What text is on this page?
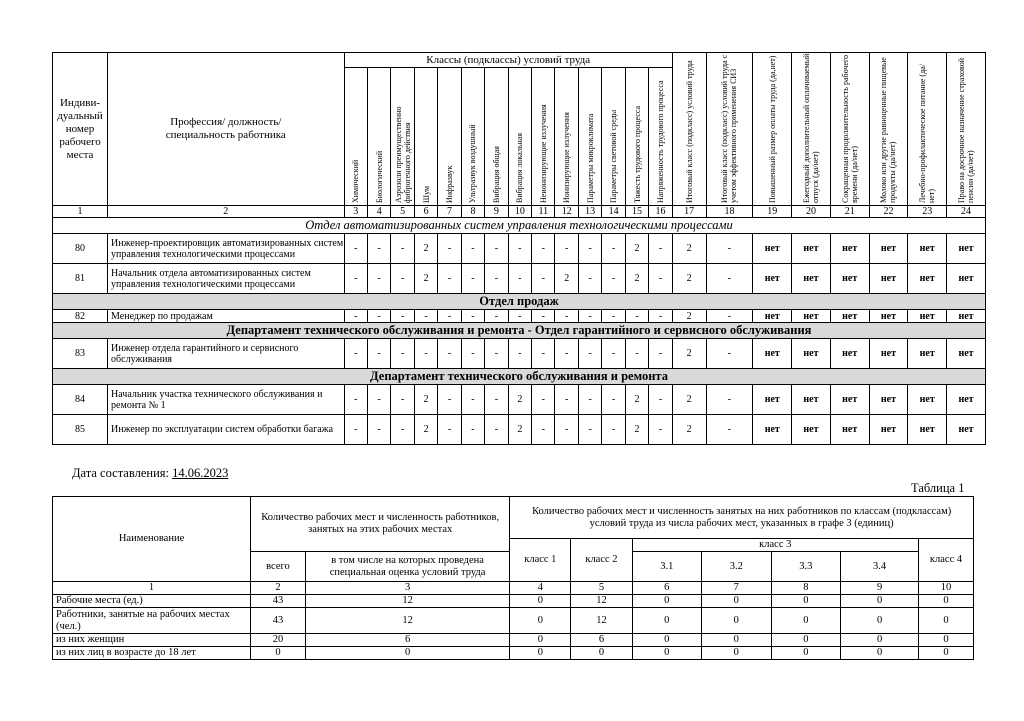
Индиви-дуальный номер рабочего места	Профессия/ должность/ специальность работника	Классы (подклассы) условий труда														Итоговый класс (подкласс) условий труда	Итоговый класс (подкласс) условий труда с учетом эффективного применения СИЗ	Повышенный размер оплаты труда (да,нет)	Ежегодный дополнительный оплачиваемый отпуск (да/нет)	Сокращенная продолжительность рабочего времени (да/нет)	Молоко или другие равноценные пищевые продукты (да/нет)	Лечебно-профилактическое питание (да/нет)	Право на досрочное назначение страховой пенсии (да/нет)

		Химический	Биологический	Аэрозоли преимущественно фиброгенного действия	Шум	Инфразвук	Ультразвук воздушный	Вибрация общая	Вибрация локальная	Неионизирующие излучения	Ионизирующие излучения	Параметры микроклимата	Параметры световой среды	Тяжесть трудового процесса	Напряженность трудового процесса								

1	2	3	4	5	6	7	8	9	10	11	12	13	14	15	16	17	18	19	20	21	22	23	24
Отдел автоматизированных систем управления технологическими процессами																							
80	Инженер-проектировщик автоматизированных систем управления технологическими процессами	-	-	-	2	-	-	-	-	-	-	-	-	2	-	2	-	нет	нет	нет	нет	нет	нет
81	Начальник отдела автоматизированных систем управления технологическими процессами	-	-	-	2	-	-	-	-	-	2	-	-	2	-	2	-	нет	нет	нет	нет	нет	нет
Отдел продаж																							
82	Менеджер по продажам	-	-	-	-	-	-	-	-	-	-	-	-	-	-	2	-	нет	нет	нет	нет	нет	нет
Департамент технического обслуживания и ремонта - Отдел гарантийного и сервисного обслуживания																							
83	Инженер отдела гарантийного и сервисного обслуживания	-	-	-	-	-	-	-	-	-	-	-	-	-	-	2	-	нет	нет	нет	нет	нет	нет
Департамент технического обслуживания и ремонта																							
84	Начальник участка технического обслуживания и ремонта № 1	-	-	-	2	-	-	-	2	-	-	-	-	2	-	2	-	нет	нет	нет	нет	нет	нет
85	Инженер по эксплуатации систем обработки багажа	-	-	-	2	-	-	-	2	-	-	-	-	2	-	2	-	нет	нет	нет	нет	нет	нет
Дата составления: 14.06.2023
Таблица 1
Наименование	Количество рабочих мест и численность работников, занятых на этих рабочих местах		Количество рабочих мест и численность занятых на них работников по классам (подклассам) условий труда из числа рабочих мест, указанных в графе 3 (единиц)						
			класс 1	класс 2	класс 3				класс 4
	всего	в том числе на которых проведена специальная оценка условий труда			3.1	3.2	3.3	3.4	
1	2	3	4	5	6	7	8	9	10
Рабочие места (ед.)	43	12	0	12	0	0	0	0	0
Работники, занятые на рабочих местах (чел.)	43	12	0	12	0	0	0	0	0
из них женщин	20	6	0	6	0	0	0	0	0
из них лиц в возрасте до 18 лет	0	0	0	0	0	0	0	0	0
